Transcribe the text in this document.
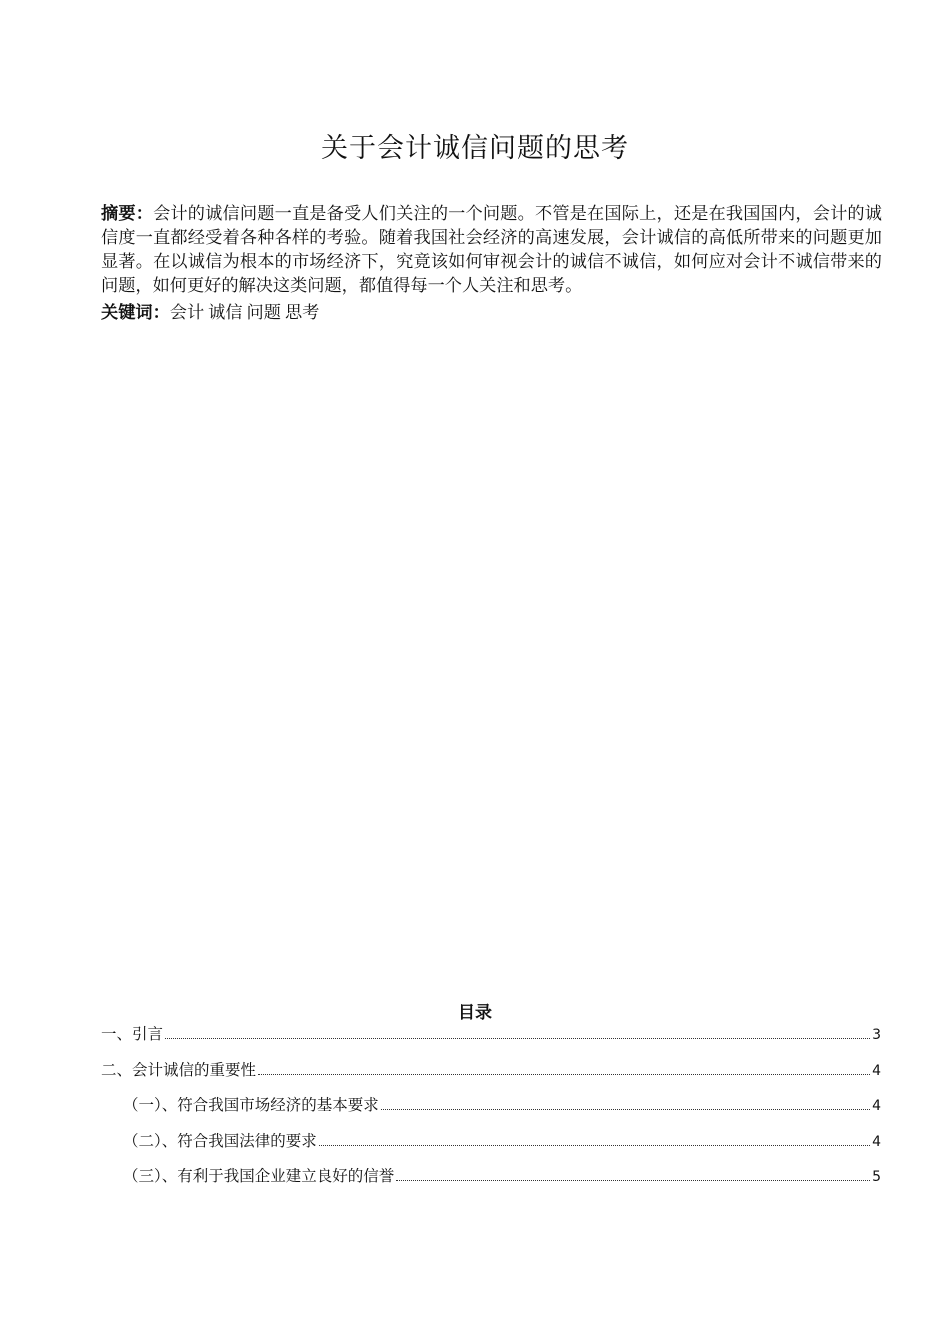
关于会计诚信问题的思考

摘要：会计的诚信问题一直是备受人们关注的一个问题。不管是在国际上，还是在我国国内，会计的诚信度一直都经受着各种各样的考验。随着我国社会经济的高速发展，会计诚信的高低所带来的问题更加显著。在以诚信为根本的市场经济下，究竟该如何审视会计的诚信不诚信，如何应对会计不诚信带来的问题，如何更好的解决这类问题，都值得每一个人关注和思考。

关键词：会计 诚信 问题 思考
目录
一、引言	3
二、会计诚信的重要性	4
（一）、符合我国市场经济的基本要求	4
（二）、符合我国法律的要求	4
（三）、有利于我国企业建立良好的信誉	5
